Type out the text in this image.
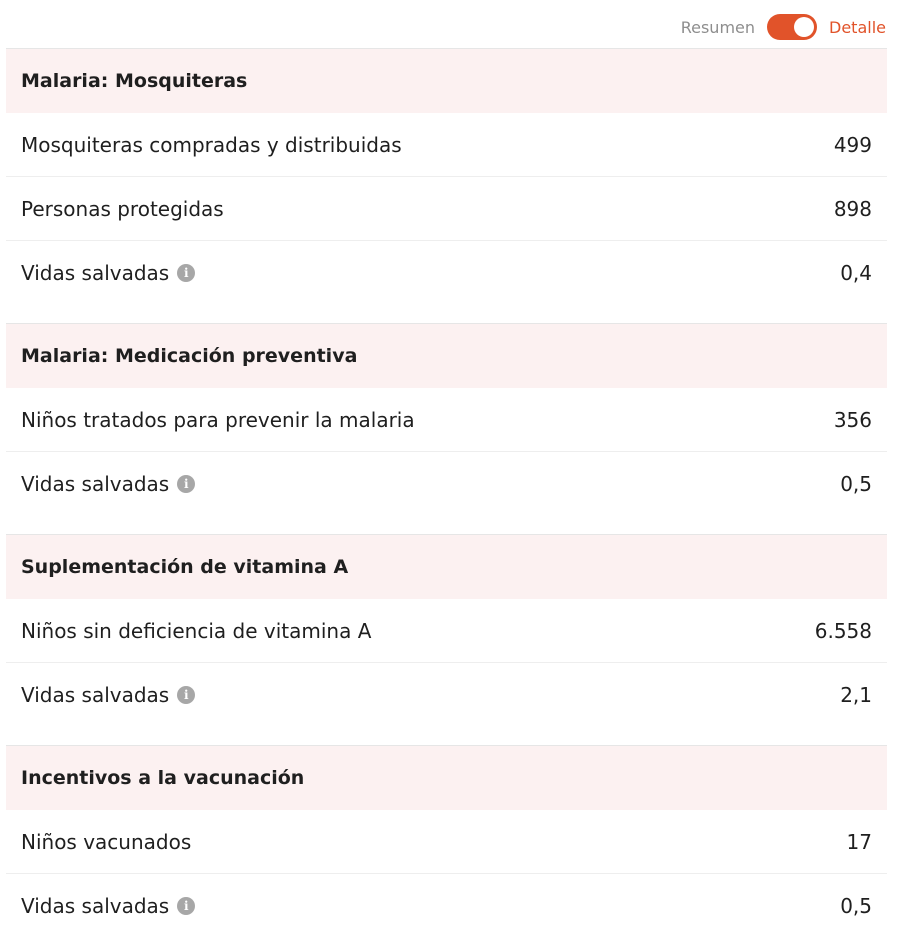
Resumen	Detalle
Malaria: Mosquiteras
Mosquiteras compradas y distribuidas	499
Personas protegidas	898
Vidas salvadas	i	0,4
Malaria: Medicación preventiva
Niños tratados para prevenir la malaria	356
Vidas salvadas	i	0,5
Suplementación de vitamina A
Niños sin deficiencia de vitamina A	6.558
Vidas salvadas	i	2,1
Incentivos a la vacunación
Niños vacunados	17
Vidas salvadas	i	0,5
